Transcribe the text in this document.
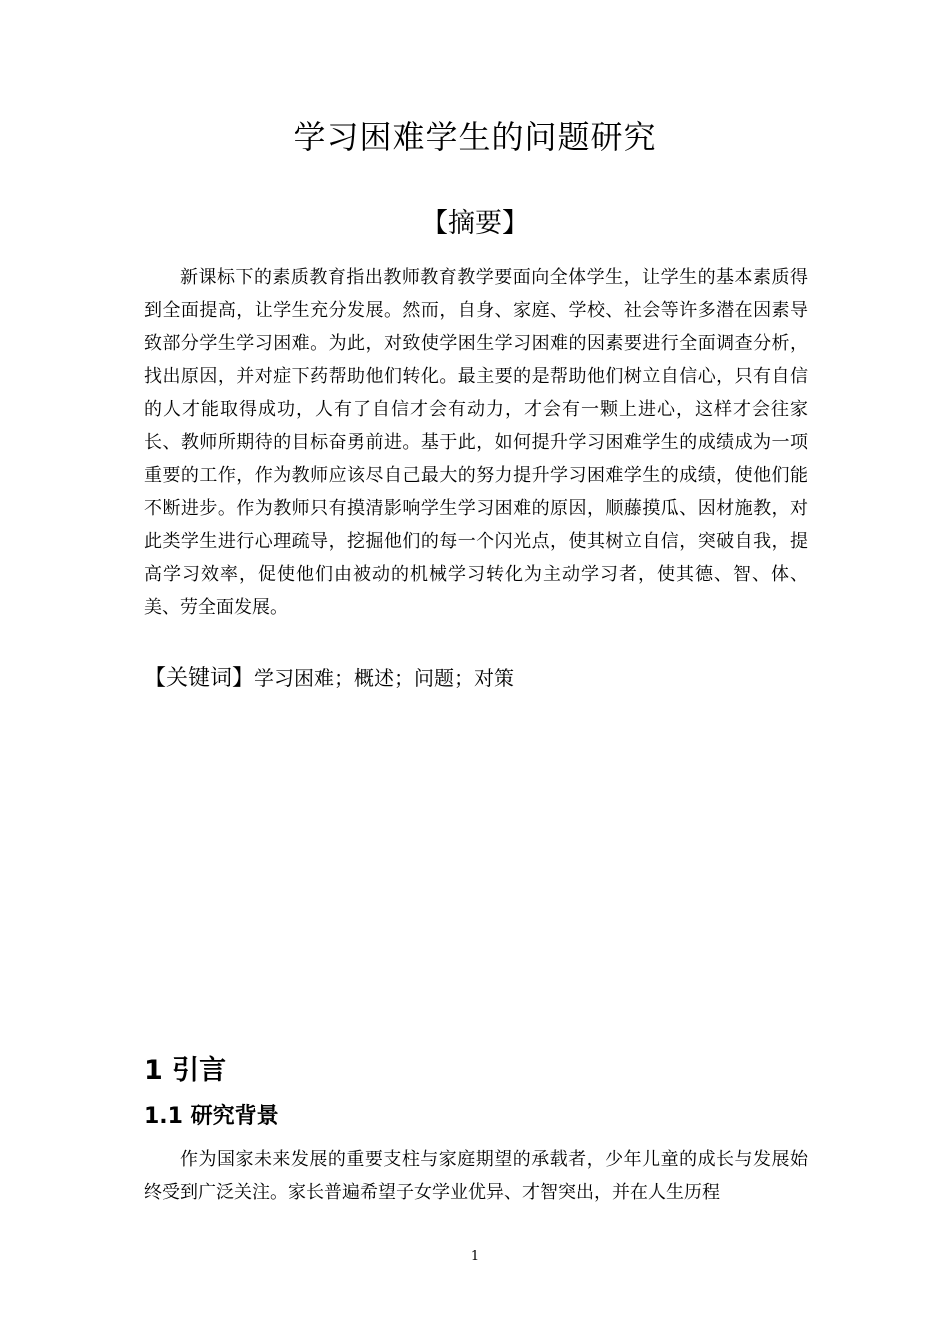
学习困难学生的问题研究
【摘要】

新课标下的素质教育指出教师教育教学要面向全体学生，让学生的基本素质得到全面提高，让学生充分发展。然而，自身、家庭、学校、社会等许多潜在因素导致部分学生学习困难。为此，对致使学困生学习困难的因素要进行全面调查分析，找出原因，并对症下药帮助他们转化。最主要的是帮助他们树立自信心，只有自信的人才能取得成功，人有了自信才会有动力，才会有一颗上进心，这样才会往家长、教师所期待的目标奋勇前进。基于此，如何提升学习困难学生的成绩成为一项重要的工作，作为教师应该尽自己最大的努力提升学习困难学生的成绩，使他们能不断进步。作为教师只有摸清影响学生学习困难的原因，顺藤摸瓜、因材施教，对此类学生进行心理疏导，挖掘他们的每一个闪光点，使其树立自信，突破自我，提高学习效率，促使他们由被动的机械学习转化为主动学习者，使其德、智、体、美、劳全面发展。

【关键词】学习困难；概述；问题；对策

1 引言
1.1 研究背景

作为国家未来发展的重要支柱与家庭期望的承载者，少年儿童的成长与发展始终受到广泛关注。家长普遍希望子女学业优异、才智突出，并在人生历程

1
